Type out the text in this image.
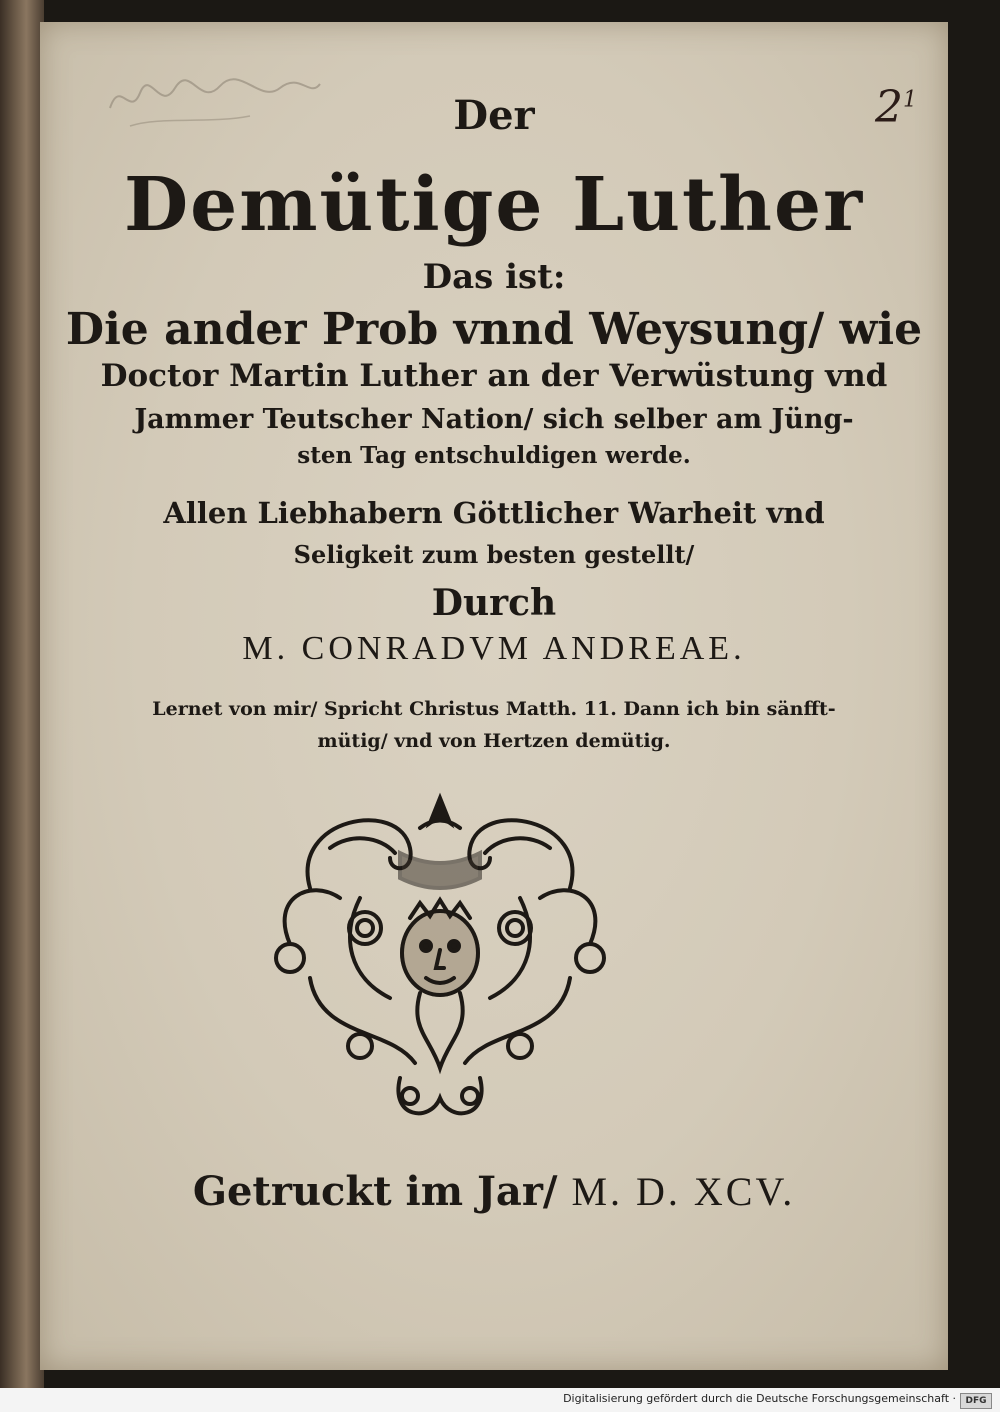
$2^1$
Der
Demütige Luther
Das ist:
Die ander Prob vnnd Weysung/ wie
Doctor Martin Luther an der Verwüstung vnd
Jammer Teutscher Nation/ sich selber am Jüng-
sten Tag entschuldigen werde.
Allen Liebhabern Göttlicher Warheit vnd
Seligkeit zum besten gestellt/
Durch
M. CONRADVM ANDREAE.
Lernet von mir/ Spricht Christus Matth. 11. Dann ich bin sänfft-
mütig/ vnd von Hertzen demütig.
Getruckt im Jar/ M. D. XCV.
Digitalisierung gefördert durch die Deutsche Forschungsgemeinschaft ·	DFG
